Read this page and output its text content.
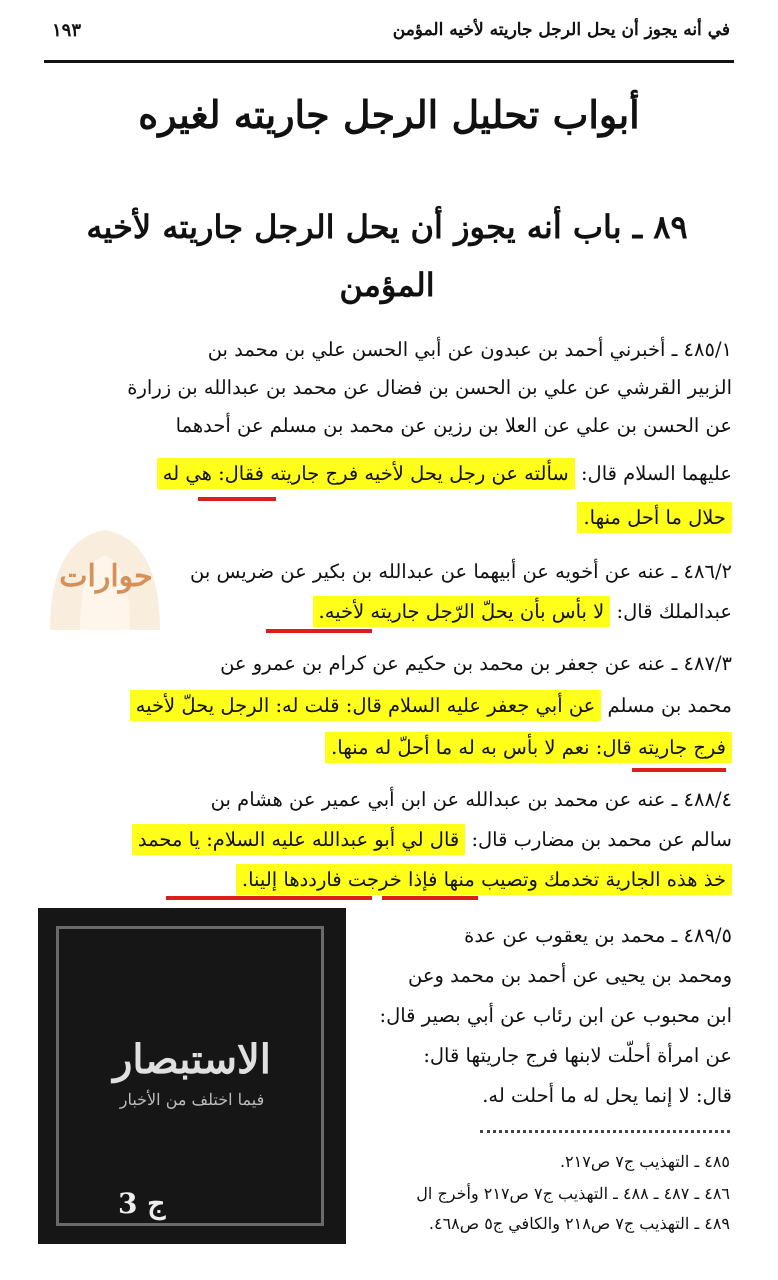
في أنه يجوز أن يحل الرجل جاريته لأخيه المؤمن
١٩٣
أبواب تحليل الرجل جاريته لغيره
٨٩ ـ باب أنه يجوز أن يحل الرجل جاريته لأخيه
المؤمن
حوارات
٤٨٥/١ ـ أخبرني أحمد بن عبدون عن أبي الحسن علي بن محمد بن
الزبير القرشي عن علي بن الحسن بن فضال عن محمد بن عبدالله بن زرارة
عن الحسن بن علي عن العلا بن رزين عن محمد بن مسلم عن أحدهما
عليهما السلام قال: سألته عن رجل يحل لأخيه فرج جاريته فقال: هي له
حلال ما أحل منها.
٤٨٦/٢ ـ عنه عن أخويه عن أبيهما عن عبدالله بن بكير عن ضريس بن
عبدالملك قال: لا بأس بأن يحلّ الرّجل جاريته لأخيه.
٤٨٧/٣ ـ عنه عن جعفر بن محمد بن حكيم عن كرام بن عمرو عن
محمد بن مسلم عن أبي جعفر عليه السلام قال: قلت له: الرجل يحلّ لأخيه
فرج جاريته قال: نعم لا بأس به له ما أحلّ له منها.
٤٨٨/٤ ـ عنه عن محمد بن عبدالله عن ابن أبي عمير عن هشام بن
سالم عن محمد بن مضارب قال: قال لي أبو عبدالله عليه السلام: يا محمد
خذ هذه الجارية تخدمك وتصيب منها فإذا خرجت فارددها إلينا.
٤٨٩/٥ ـ محمد بن يعقوب عن عدة
ومحمد بن يحيى عن أحمد بن محمد وعن
ابن محبوب عن ابن رئاب عن أبي بصير قال:
عن امرأة أحلّت لابنها فرج جاريتها قال:
قال: لا إنما يحل له ما أحلت له.
الاستبصار
فيما اختلف من الأخبار
ج 3
٤٨٥ ـ التهذيب ج٧ ص٢١٧.
٤٨٦ ـ ٤٨٧ ـ ٤٨٨ ـ التهذيب ج٧ ص٢١٧ وأخرج ال
٤٨٩ ـ التهذيب ج٧ ص٢١٨ والكافي ج٥ ص٤٦٨.
